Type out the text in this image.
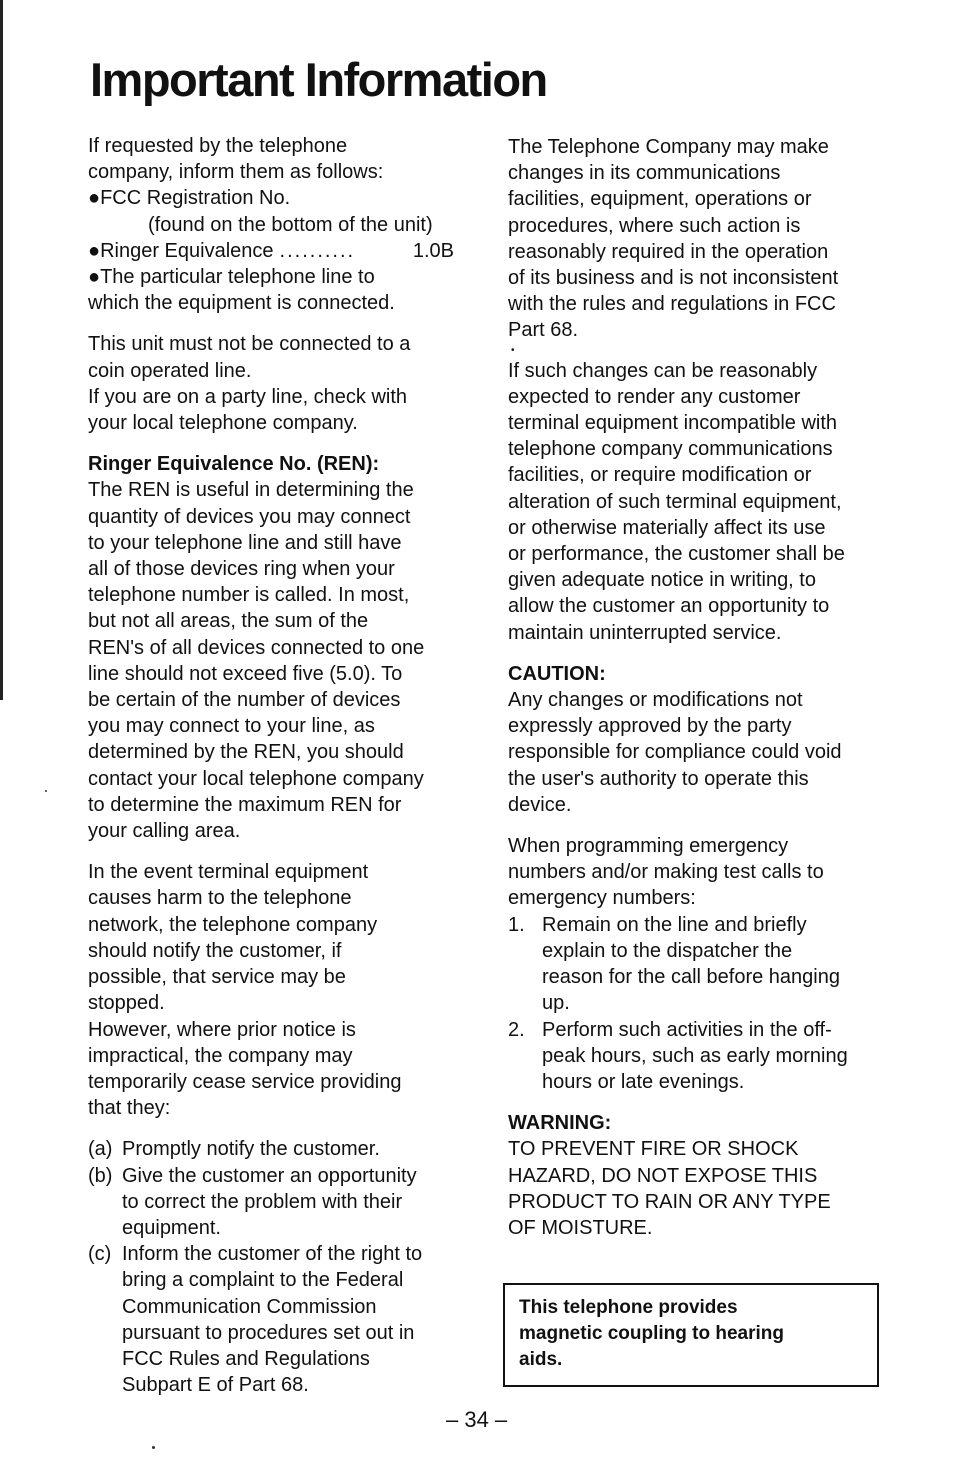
Important Information
If requested by the telephone
company, inform them as follows:
●FCC Registration No.
(found on the bottom of the unit)
●Ringer Equivalence ..........	1.0B
●The particular telephone line to
which the equipment is connected.
This unit must not be connected to a
coin operated line.
If you are on a party line, check with
your local telephone company.
Ringer Equivalence No. (REN):
The REN is useful in determining the
quantity of devices you may connect
to your telephone line and still have
all of those devices ring when your
telephone number is called. In most,
but not all areas, the sum of the
REN's of all devices connected to one
line should not exceed five (5.0). To
be certain of the number of devices
you may connect to your line, as
determined by the REN, you should
contact your local telephone company
to determine the maximum REN for
your calling area.
In the event terminal equipment
causes harm to the telephone
network, the telephone company
should notify the customer, if
possible, that service may be
stopped.
However, where prior notice is
impractical, the company may
temporarily cease service providing
that they:
(a) Promptly notify the customer.
(b) Give the customer an opportunity
to correct the problem with their
equipment.
(c) Inform the customer of the right to
bring a complaint to the Federal
Communication Commission
pursuant to procedures set out in
FCC Rules and Regulations
Subpart E of Part 68.
The Telephone Company may make
changes in its communications
facilities, equipment, operations or
procedures, where such action is
reasonably required in the operation
of its business and is not inconsistent
with the rules and regulations in FCC
Part 68.
•
If such changes can be reasonably
expected to render any customer
terminal equipment incompatible with
telephone company communications
facilities, or require modification or
alteration of such terminal equipment,
or otherwise materially affect its use
or performance, the customer shall be
given adequate notice in writing, to
allow the customer an opportunity to
maintain uninterrupted service.
CAUTION:
Any changes or modifications not
expressly approved by the party
responsible for compliance could void
the user's authority to operate this
device.
When programming emergency
numbers and/or making test calls to
emergency numbers:
1. Remain on the line and briefly
explain to the dispatcher the
reason for the call before hanging
up.
2. Perform such activities in the off-
peak hours, such as early morning
hours or late evenings.
WARNING:
TO PREVENT FIRE OR SHOCK
HAZARD, DO NOT EXPOSE THIS
PRODUCT TO RAIN OR ANY TYPE
OF MOISTURE.
This telephone provides
magnetic coupling to hearing
aids.
– 34 –
